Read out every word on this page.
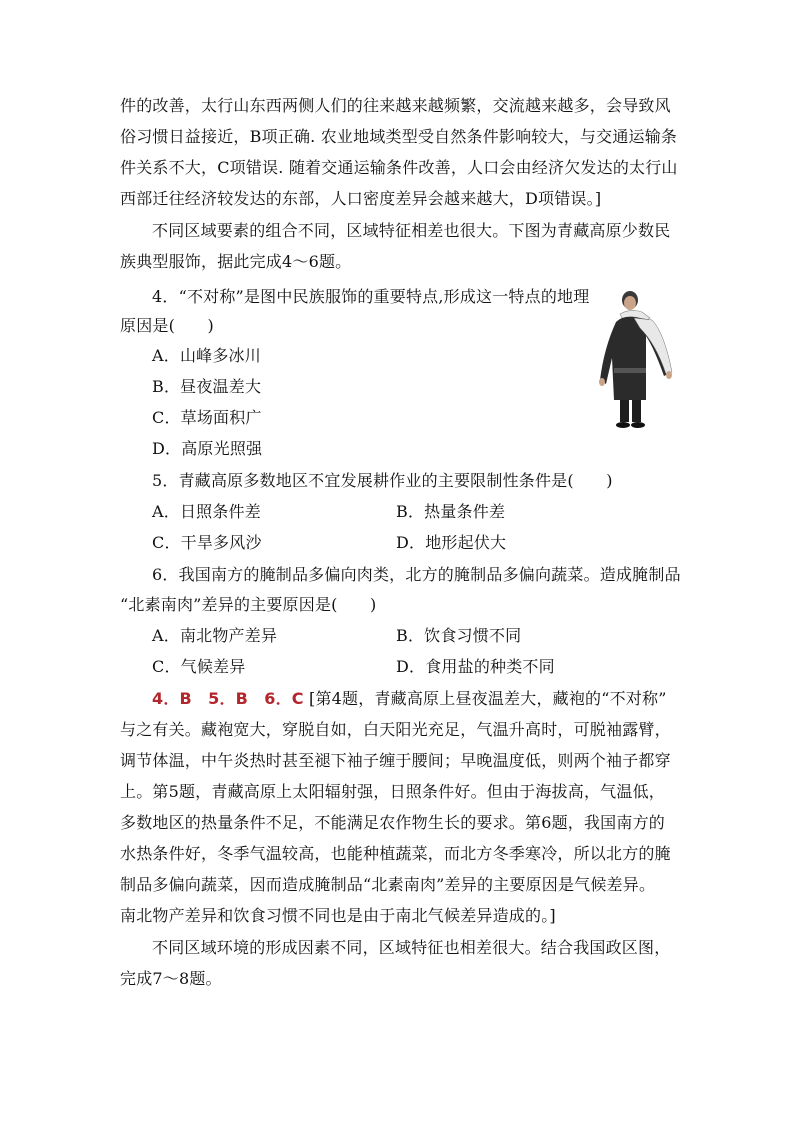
件的改善，太行山东西两侧人们的往来越来越频繁，交流越来越多，会导致风
俗习惯日益接近，B项正确. 农业地域类型受自然条件影响较大，与交通运输条
件关系不大，C项错误. 随着交通运输条件改善，人口会由经济欠发达的太行山
西部迁往经济较发达的东部，人口密度差异会越来越大，D项错误。]
不同区域要素的组合不同，区域特征相差也很大。下图为青藏高原少数民
族典型服饰，据此完成4～6题。
4．“不对称”是图中民族服饰的重要特点,形成这一特点的地理
原因是(　　)
A．山峰多冰川
B．昼夜温差大
C．草场面积广
D．高原光照强
5．青藏高原多数地区不宜发展耕作业的主要限制性条件是(　　)
A．日照条件差	B．热量条件差
C．干旱多风沙	D．地形起伏大
6．我国南方的腌制品多偏向肉类，北方的腌制品多偏向蔬菜。造成腌制品
“北素南肉”差异的主要原因是(　　)
A．南北物产差异	B．饮食习惯不同
C．气候差异	D．食用盐的种类不同
4．B　5．B　6．C [第4题，青藏高原上昼夜温差大，藏袍的“不对称”
与之有关。藏袍宽大，穿脱自如，白天阳光充足，气温升高时，可脱袖露臂，
调节体温，中午炎热时甚至褪下袖子缠于腰间；早晚温度低，则两个袖子都穿
上。第5题，青藏高原上太阳辐射强，日照条件好。但由于海拔高，气温低，
多数地区的热量条件不足，不能满足农作物生长的要求。第6题，我国南方的
水热条件好，冬季气温较高，也能种植蔬菜，而北方冬季寒冷，所以北方的腌
制品多偏向蔬菜，因而造成腌制品“北素南肉”差异的主要原因是气候差异。
南北物产差异和饮食习惯不同也是由于南北气候差异造成的。]
不同区域环境的形成因素不同，区域特征也相差很大。结合我国政区图，
完成7～8题。
